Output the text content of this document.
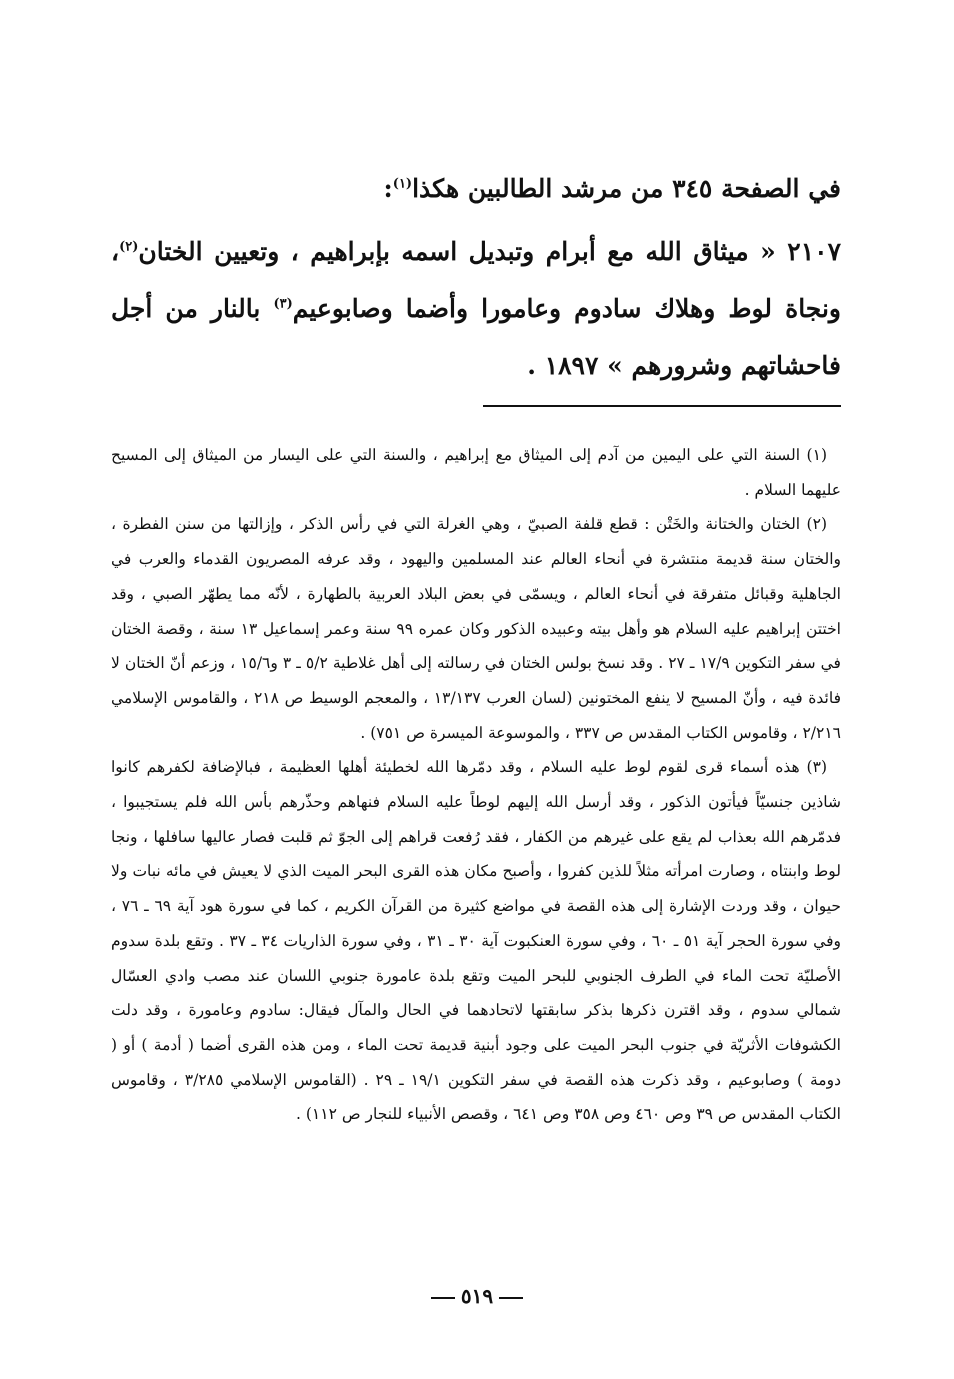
في الصفحة ٣٤٥ من مرشد الطالبين هكذا$^{(١)}$:

٢١٠٧ « ميثاق الله مع أبرام وتبديل اسمه بإبراهيم ، وتعيين الختان$^{(٢)}$، ونجاة لوط وهلاك سادوم وعامورا وأضما وصابوعيم$^{(٣)}$ بالنار من أجل فاحشاتهم وشرورهم » ١٨٩٧ .

(١) السنة التي على اليمين من آدم إلى الميثاق مع إبراهيم ، والسنة التي على اليسار من الميثاق إلى المسيح عليهما السلام .

(٢) الختان والختانة والخَتْن : قطع قلفة الصبيّ ، وهي الغرلة التي في رأس الذكر ، وإزالتها من سنن الفطرة ، والختان سنة قديمة منتشرة في أنحاء العالم عند المسلمين واليهود ، وقد عرفه المصريون القدماء والعرب في الجاهلية وقبائل متفرقة في أنحاء العالم ، ويسمّى في بعض البلاد العربية بالطهارة ، لأنّه مما يطهّر الصبي ، وقد اختتن إبراهيم عليه السلام هو وأهل بيته وعبيده الذكور وكان عمره ٩٩ سنة وعمر إسماعيل ١٣ سنة ، وقصة الختان في سفر التكوين ١٧/٩ ـ ٢٧ . وقد نسخ بولس الختان في رسالته إلى أهل غلاطية ٥/٢ ـ ٣ و١٥/٦ ، وزعم أنّ الختان لا فائدة فيه ، وأنّ المسيح لا ينفع المختونين (لسان العرب ١٣/١٣٧ ، والمعجم الوسيط ص ٢١٨ ، والقاموس الإسلامي ٢/٢١٦ ، وقاموس الكتاب المقدس ص ٣٣٧ ، والموسوعة الميسرة ص ٧٥١) .

(٣) هذه أسماء قرى لقوم لوط عليه السلام ، وقد دمّرها الله لخطيئة أهلها العظيمة ، فبالإضافة لكفرهم كانوا شاذين جنسيّاً فيأتون الذكور ، وقد أرسل الله إليهم لوطاً عليه السلام فنهاهم وحذّرهم بأس الله فلم يستجيبوا ، فدمّرهم الله بعذاب لم يقع على غيرهم من الكفار ، فقد رُفعت قراهم إلى الجوّ ثم قلبت فصار عاليها سافلها ، ونجا لوط وابنتاه ، وصارت امرأته مثلاً للذين كفروا ، وأصبح مكان هذه القرى البحر الميت الذي لا يعيش في مائه نبات ولا حيوان ، وقد وردت الإشارة إلى هذه القصة في مواضع كثيرة من القرآن الكريم ، كما في سورة هود آية ٦٩ ـ ٧٦ ، وفي سورة الحجر آية ٥١ ـ ٦٠ ، وفي سورة العنكبوت آية ٣٠ ـ ٣١ ، وفي سورة الذاريات ٣٤ ـ ٣٧ . وتقع بلدة سدوم الأصليّة تحت الماء في الطرف الجنوبي للبحر الميت وتقع بلدة عامورة جنوبي اللسان عند مصب وادي العسّال شمالي سدوم ، وقد اقترن ذكرها بذكر سابقتها لاتحادهما في الحال والمآل فيقال: سادوم وعامورة ، وقد دلت الكشوفات الأثريّة في جنوب البحر الميت على وجود أبنية قديمة تحت الماء ، ومن هذه القرى أضما ( أدمة ) أو ( دومة ) وصابوعيم ، وقد ذكرت هذه القصة في سفر التكوين ١٩/١ ـ ٢٩ . (القاموس الإسلامي ٣/٢٨٥ ، وقاموس الكتاب المقدس ص ٣٩ وص ٤٦٠ وص ٣٥٨ وص ٦٤١ ، وقصص الأنبياء للنجار ص ١١٢) .

٥١٩
